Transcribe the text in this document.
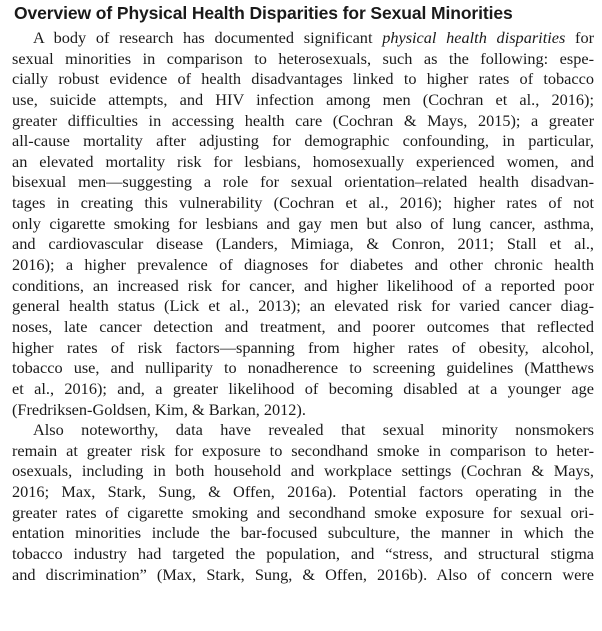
Overview of Physical Health Disparities for Sexual Minorities
A body of research has documented significant physical health disparities for
sexual minorities in comparison to heterosexuals, such as the following: espe-
cially robust evidence of health disadvantages linked to higher rates of tobacco
use, suicide attempts, and HIV infection among men (Cochran et al., 2016);
greater difficulties in accessing health care (Cochran & Mays, 2015); a greater
all-cause mortality after adjusting for demographic confounding, in particular,
an elevated mortality risk for lesbians, homosexually experienced women, and
bisexual men—suggesting a role for sexual orientation–related health disadvan-
tages in creating this vulnerability (Cochran et al., 2016); higher rates of not
only cigarette smoking for lesbians and gay men but also of lung cancer, asthma,
and cardiovascular disease (Landers, Mimiaga, & Conron, 2011; Stall et al.,
2016); a higher prevalence of diagnoses for diabetes and other chronic health
conditions, an increased risk for cancer, and higher likelihood of a reported poor
general health status (Lick et al., 2013); an elevated risk for varied cancer diag-
noses, late cancer detection and treatment, and poorer outcomes that reflected
higher rates of risk factors—spanning from higher rates of obesity, alcohol,
tobacco use, and nulliparity to nonadherence to screening guidelines (Matthews
et al., 2016); and, a greater likelihood of becoming disabled at a younger age
(Fredriksen-Goldsen, Kim, & Barkan, 2012).
Also noteworthy, data have revealed that sexual minority nonsmokers
remain at greater risk for exposure to secondhand smoke in comparison to heter-
osexuals, including in both household and workplace settings (Cochran & Mays,
2016; Max, Stark, Sung, & Offen, 2016a). Potential factors operating in the
greater rates of cigarette smoking and secondhand smoke exposure for sexual ori-
entation minorities include the bar-focused subculture, the manner in which the
tobacco industry had targeted the population, and “stress, and structural stigma
and discrimination” (Max, Stark, Sung, & Offen, 2016b). Also of concern were
